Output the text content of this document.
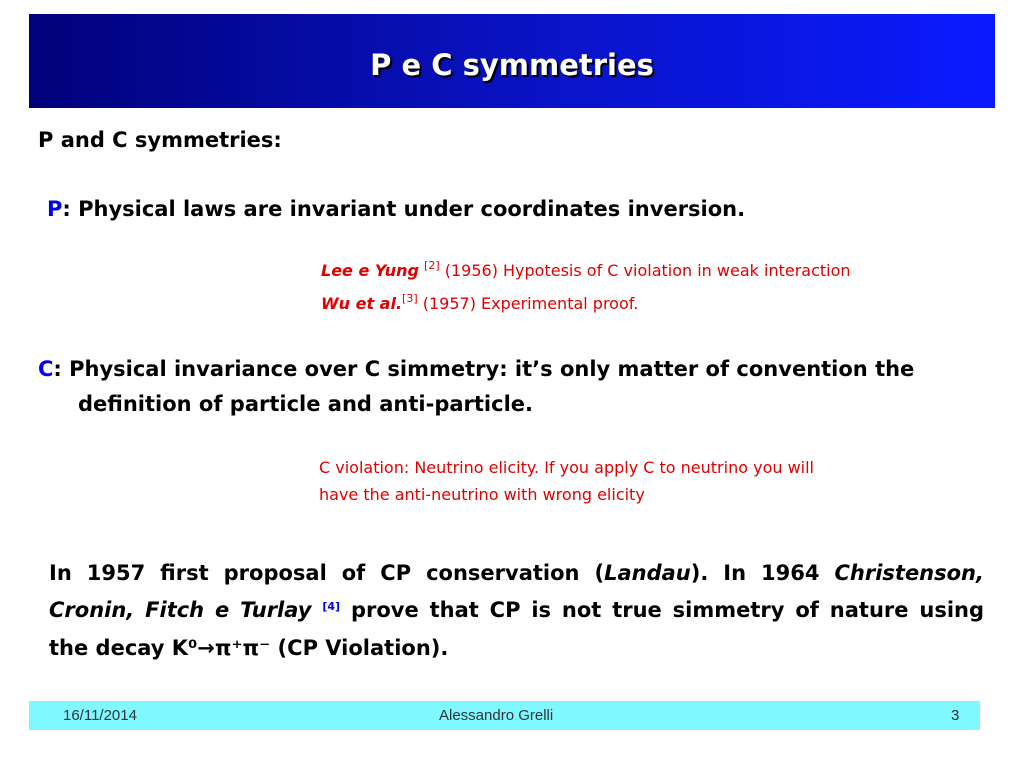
P e C symmetries
P and C symmetries:
P: Physical laws are invariant under coordinates inversion.
Lee e Yung [2] (1956) Hypotesis of C violation in weak interaction
Wu et al.[3] (1957) Experimental proof.
C: Physical invariance over C simmetry: it’s only matter of convention the
definition of particle and anti-particle.
C violation: Neutrino elicity. If you apply C to neutrino you will
have the anti-neutrino with wrong elicity
In 1957 first proposal of CP conservation (Landau). In 1964 Christenson,
Cronin, Fitch e Turlay [4] prove that CP is not true simmetry of nature using
the decay K⁰→π⁺π⁻ (CP Violation).
16/11/2014	Alessandro Grelli	3
